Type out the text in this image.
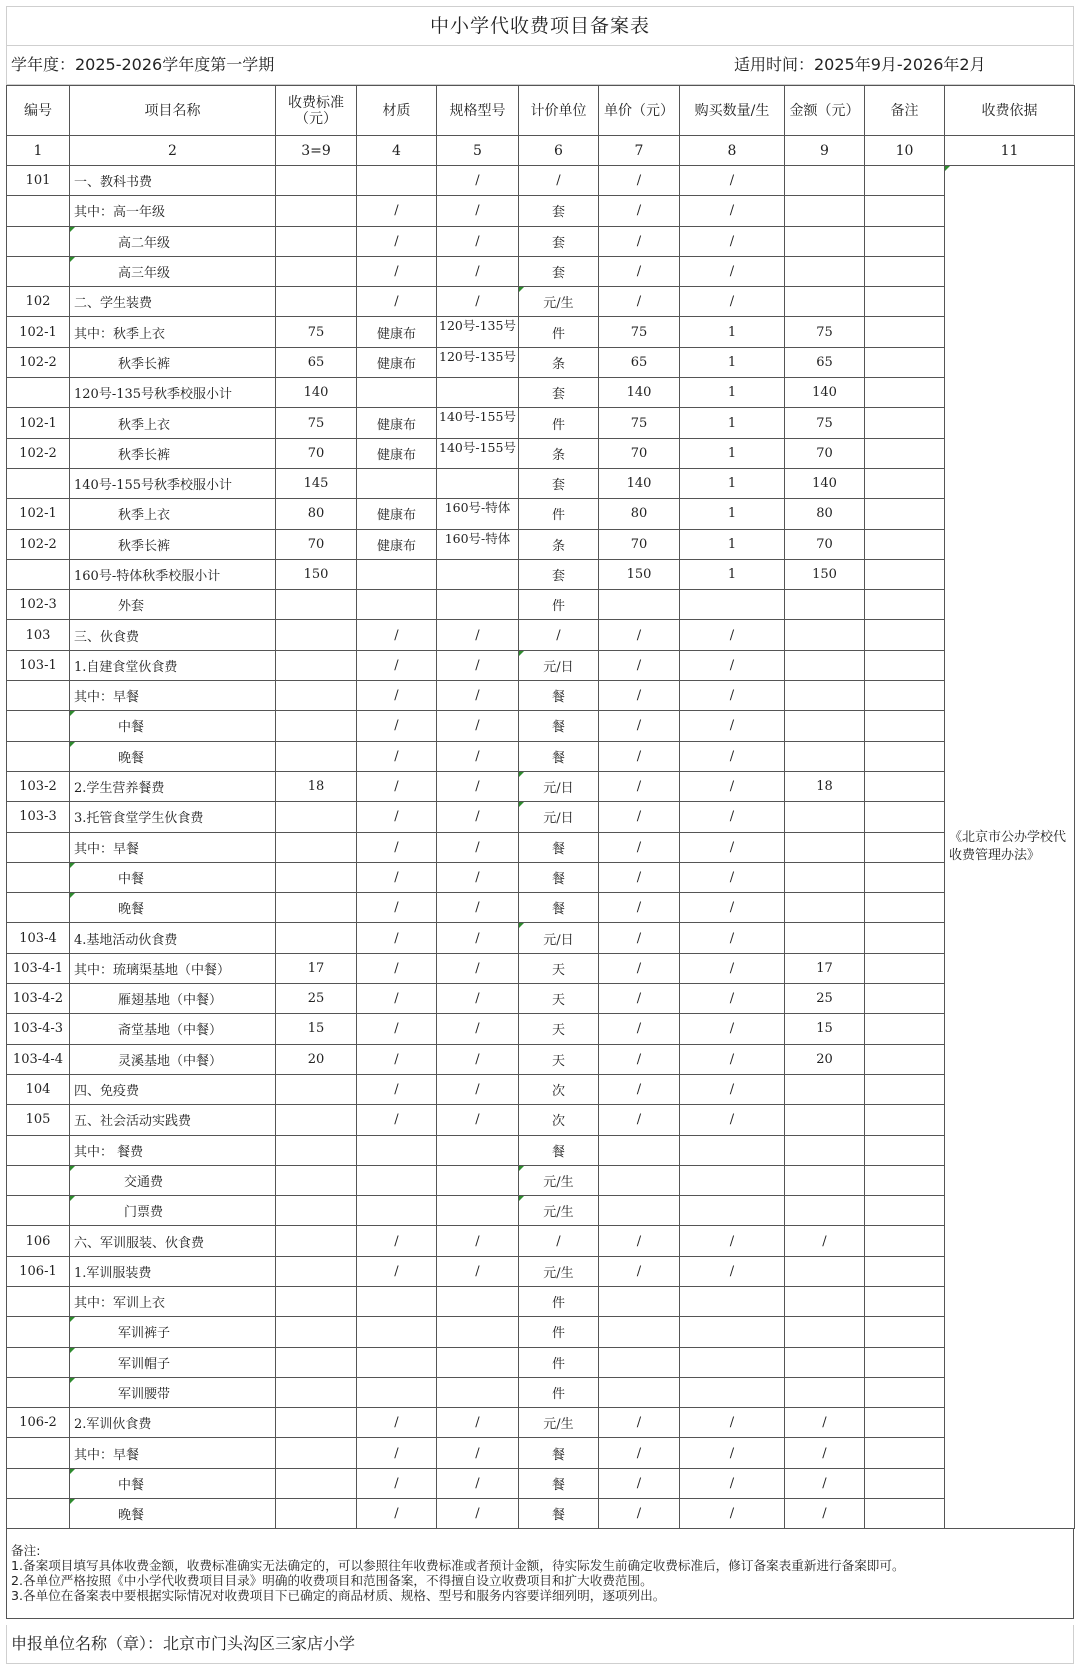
中小学代收费项目备案表
学年度：2025-2026学年度第一学期	适用时间：2025年9月-2026年2月
编号	项目名称	收费标准（元）	材质	规格型号	计价单位	单价（元）	购买数量/生	金额（元）	备注	收费依据
1	2	3=9	4	5	6	7	8	9	10	11
101	一、教科书费			/	/	/	/			《北京市公办学校代收费管理办法》
	其中：高一年级		/	/	套	/	/			
	高二年级		/	/	套	/	/			
	高三年级		/	/	套	/	/			
102	二、学生装费		/	/	元/生	/	/			
102-1	其中：秋季上衣	75	健康布	120号-135号	件	75	1	75		
102-2	秋季长裤	65	健康布	120号-135号	条	65	1	65		
	120号-135号秋季校服小计	140			套	140	1	140		
102-1	秋季上衣	75	健康布	140号-155号	件	75	1	75		
102-2	秋季长裤	70	健康布	140号-155号	条	70	1	70		
	140号-155号秋季校服小计	145			套	140	1	140		
102-1	秋季上衣	80	健康布	160号-特体	件	80	1	80		
102-2	秋季长裤	70	健康布	160号-特体	条	70	1	70		
	160号-特体秋季校服小计	150			套	150	1	150		
102-3	外套				件					
103	三、伙食费		/	/	/	/	/			
103-1	1.自建食堂伙食费		/	/	元/日	/	/			
	其中：早餐		/	/	餐	/	/			
	中餐		/	/	餐	/	/			
	晚餐		/	/	餐	/	/			
103-2	2.学生营养餐费	18	/	/	元/日	/	/	18		
103-3	3.托管食堂学生伙食费		/	/	元/日	/	/			
	其中：早餐		/	/	餐	/	/			
	中餐		/	/	餐	/	/			
	晚餐		/	/	餐	/	/			
103-4	4.基地活动伙食费		/	/	元/日	/	/			
103-4-1	其中：琉璃渠基地（中餐）	17	/	/	天	/	/	17		
103-4-2	雁翅基地（中餐）	25	/	/	天	/	/	25		
103-4-3	斋堂基地（中餐）	15	/	/	天	/	/	15		
103-4-4	灵溪基地（中餐）	20	/	/	天	/	/	20		
104	四、免疫费		/	/	次	/	/			
105	五、社会活动实践费		/	/	次	/	/			
	其中： 餐费				餐					
	交通费				元/生					
	门票费				元/生					
106	六、军训服装、伙食费		/	/	/	/	/	/		
106-1	1.军训服装费		/	/	元/生	/	/			
	其中：军训上衣				件					
	军训裤子				件					
	军训帽子				件					
	军训腰带				件					
106-2	2.军训伙食费		/	/	元/生	/	/	/		
	其中：早餐		/	/	餐	/	/	/		
	中餐		/	/	餐	/	/	/		
	晚餐		/	/	餐	/	/	/		
备注:
1.备案项目填写具体收费金额，收费标准确实无法确定的，可以参照往年收费标准或者预计金额，待实际发生前确定收费标准后，修订备案表重新进行备案即可。
2.各单位严格按照《中小学代收费项目目录》明确的收费项目和范围备案，不得擅自设立收费项目和扩大收费范围。
3.各单位在备案表中要根据实际情况对收费项目下已确定的商品材质、规格、型号和服务内容要详细列明，逐项列出。
申报单位名称（章）：北京市门头沟区三家店小学
